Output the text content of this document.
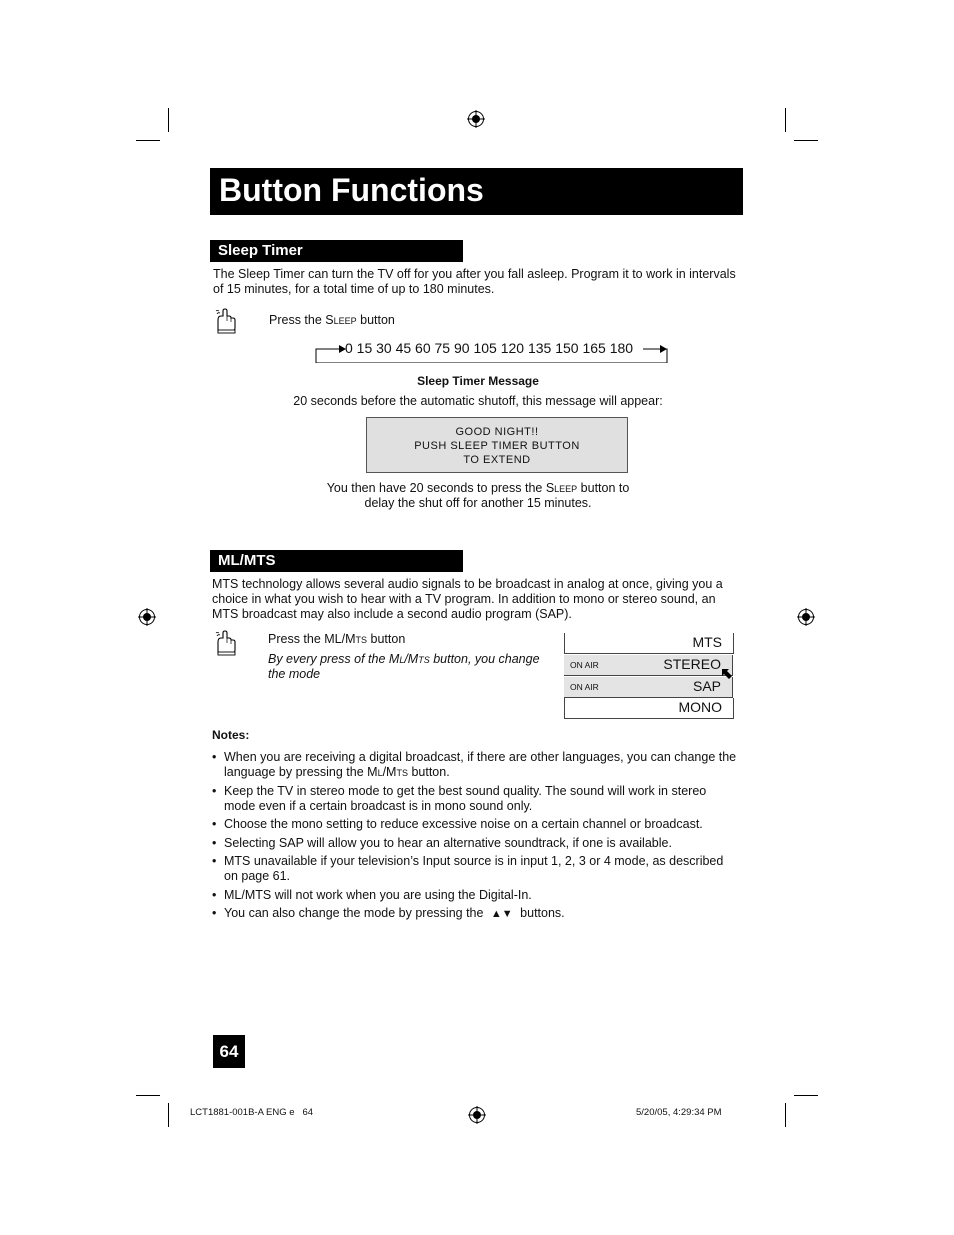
Button Functions
Sleep Timer
The Sleep Timer can turn the TV off for you after you fall asleep. Program it to work in intervals
of 15 minutes, for a total time of up to 180 minutes.
Press the Sleep button
0 15 30 45 60 75 90 105 120 135 150 165 180
Sleep Timer Message
20 seconds before the automatic shutoff, this message will appear:
GOOD NIGHT!!
PUSH SLEEP TIMER BUTTON
TO EXTEND
You then have 20 seconds to press the Sleep button to
delay the shut off for another 15 minutes.
ML/MTS
MTS technology allows several audio signals to be broadcast in analog at once, giving you a
choice in what you wish to hear with a TV program. In addition to mono or stereo sound, an
MTS broadcast may also include a second audio program (SAP).
Press the ML/Mts button
By every press of the Ml/Mts button, you change
the mode
MTS
ON AIR	STEREO
ON AIR	SAP
MONO
Notes:
• When you are receiving a digital broadcast, if there are other languages, you can change the
language by pressing the Ml/Mts button.
• Keep the TV in stereo mode to get the best sound quality. The sound will work in stereo
mode even if a certain broadcast is in mono sound only.
• Choose the mono setting to reduce excessive noise on a certain channel or broadcast.
• Selecting SAP will allow you to hear an alternative soundtrack, if one is available.
• MTS unavailable if your television’s Input source is in input 1, 2, 3 or 4 mode, as described
on page 61.
• ML/MTS will not work when you are using the Digital-In.
• You can also change the mode by pressing the ▲▼ buttons.
64
LCT1881-001B-A ENG e   64	5/20/05, 4:29:34 PM
